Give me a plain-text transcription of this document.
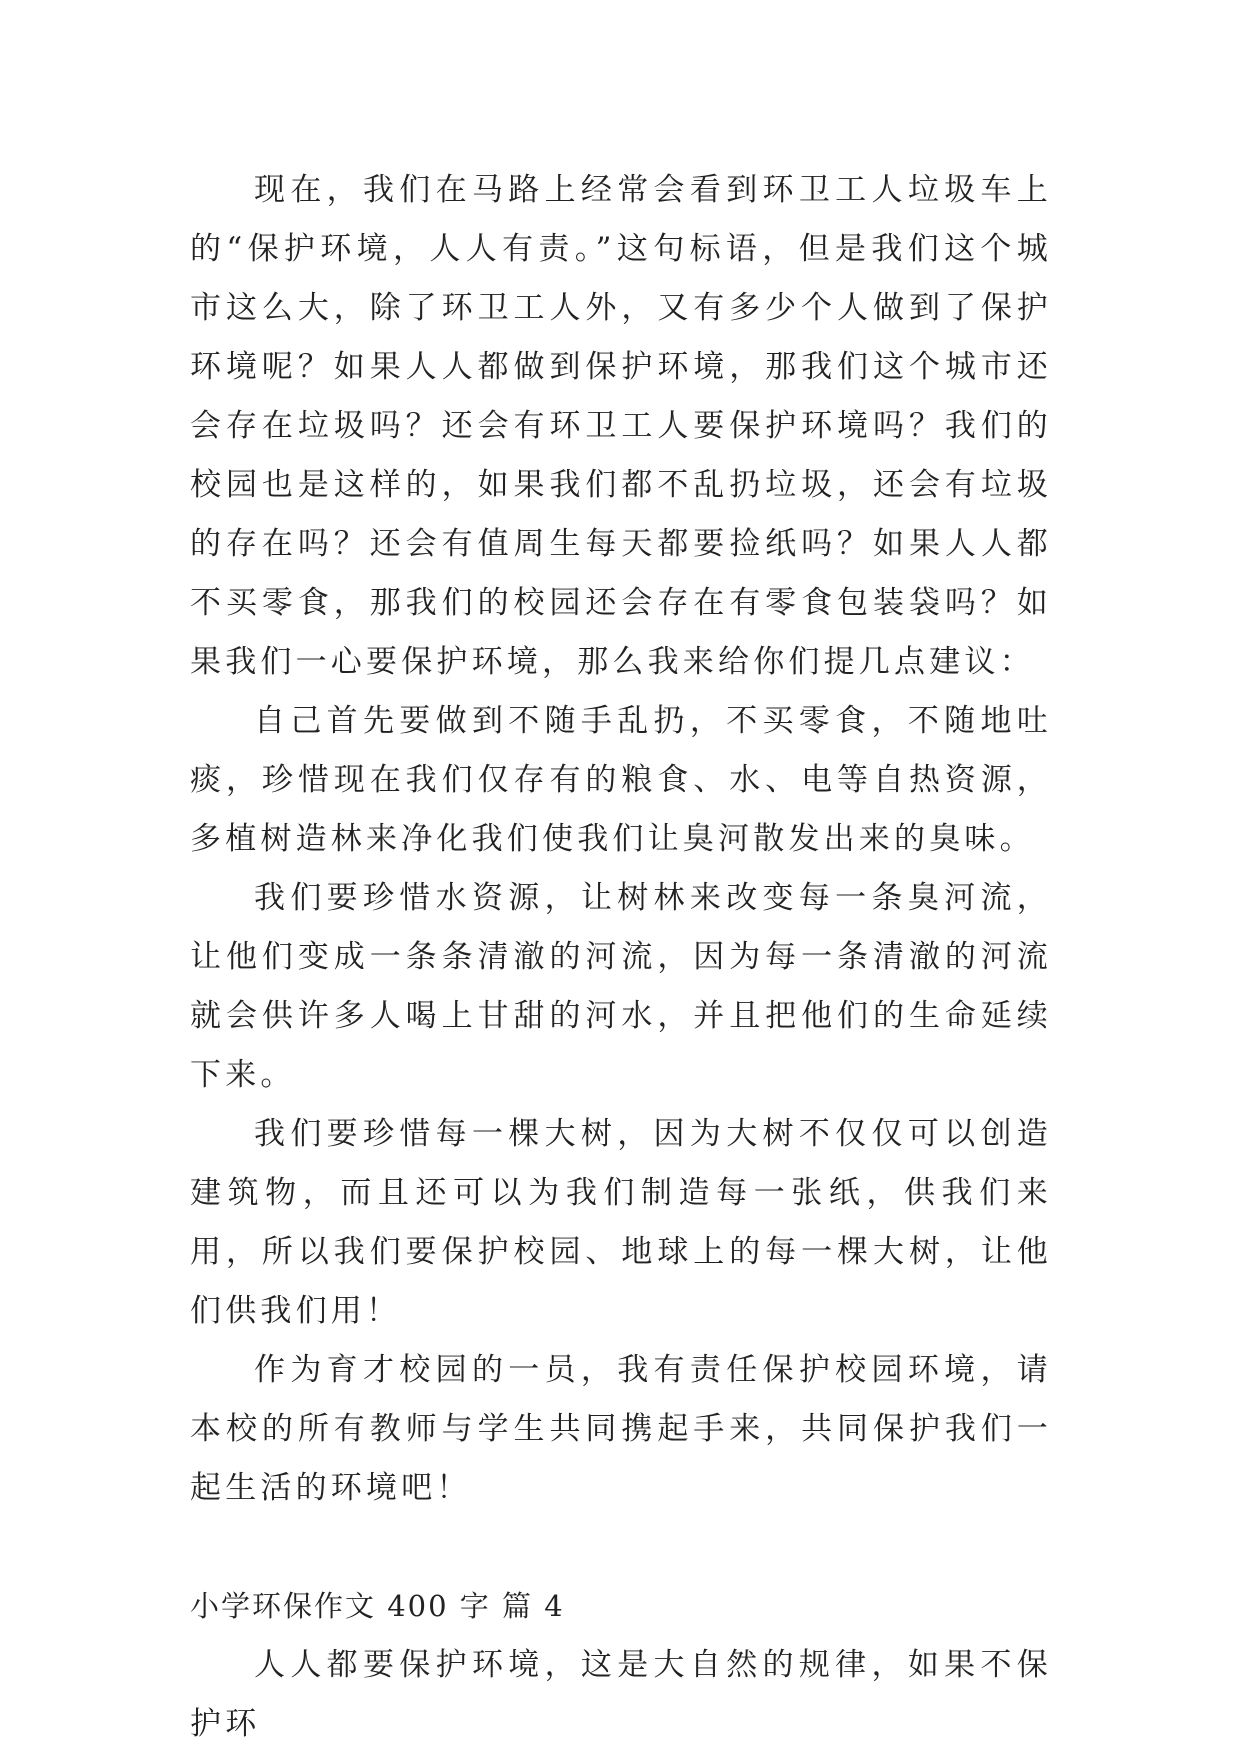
现在，我们在马路上经常会看到环卫工人垃圾车上的“保护环境，人人有责。”这句标语，但是我们这个城市这么大，除了环卫工人外，又有多少个人做到了保护环境呢？如果人人都做到保护环境，那我们这个城市还会存在垃圾吗？还会有环卫工人要保护环境吗？我们的校园也是这样的，如果我们都不乱扔垃圾，还会有垃圾的存在吗？还会有值周生每天都要捡纸吗？如果人人都不买零食，那我们的校园还会存在有零食包装袋吗？如果我们一心要保护环境，那么我来给你们提几点建议：

自己首先要做到不随手乱扔，不买零食，不随地吐痰，珍惜现在我们仅存有的粮食、水、电等自热资源，多植树造林来净化我们使我们让臭河散发出来的臭味。

我们要珍惜水资源，让树林来改变每一条臭河流，让他们变成一条条清澈的河流，因为每一条清澈的河流就会供许多人喝上甘甜的河水，并且把他们的生命延续下来。

我们要珍惜每一棵大树，因为大树不仅仅可以创造建筑物，而且还可以为我们制造每一张纸，供我们来用，所以我们要保护校园、地球上的每一棵大树，让他们供我们用！

作为育才校园的一员，我有责任保护校园环境，请本校的所有教师与学生共同携起手来，共同保护我们一起生活的环境吧！

小学环保作文 400 字 篇 4

人人都要保护环境，这是大自然的规律，如果不保护环
